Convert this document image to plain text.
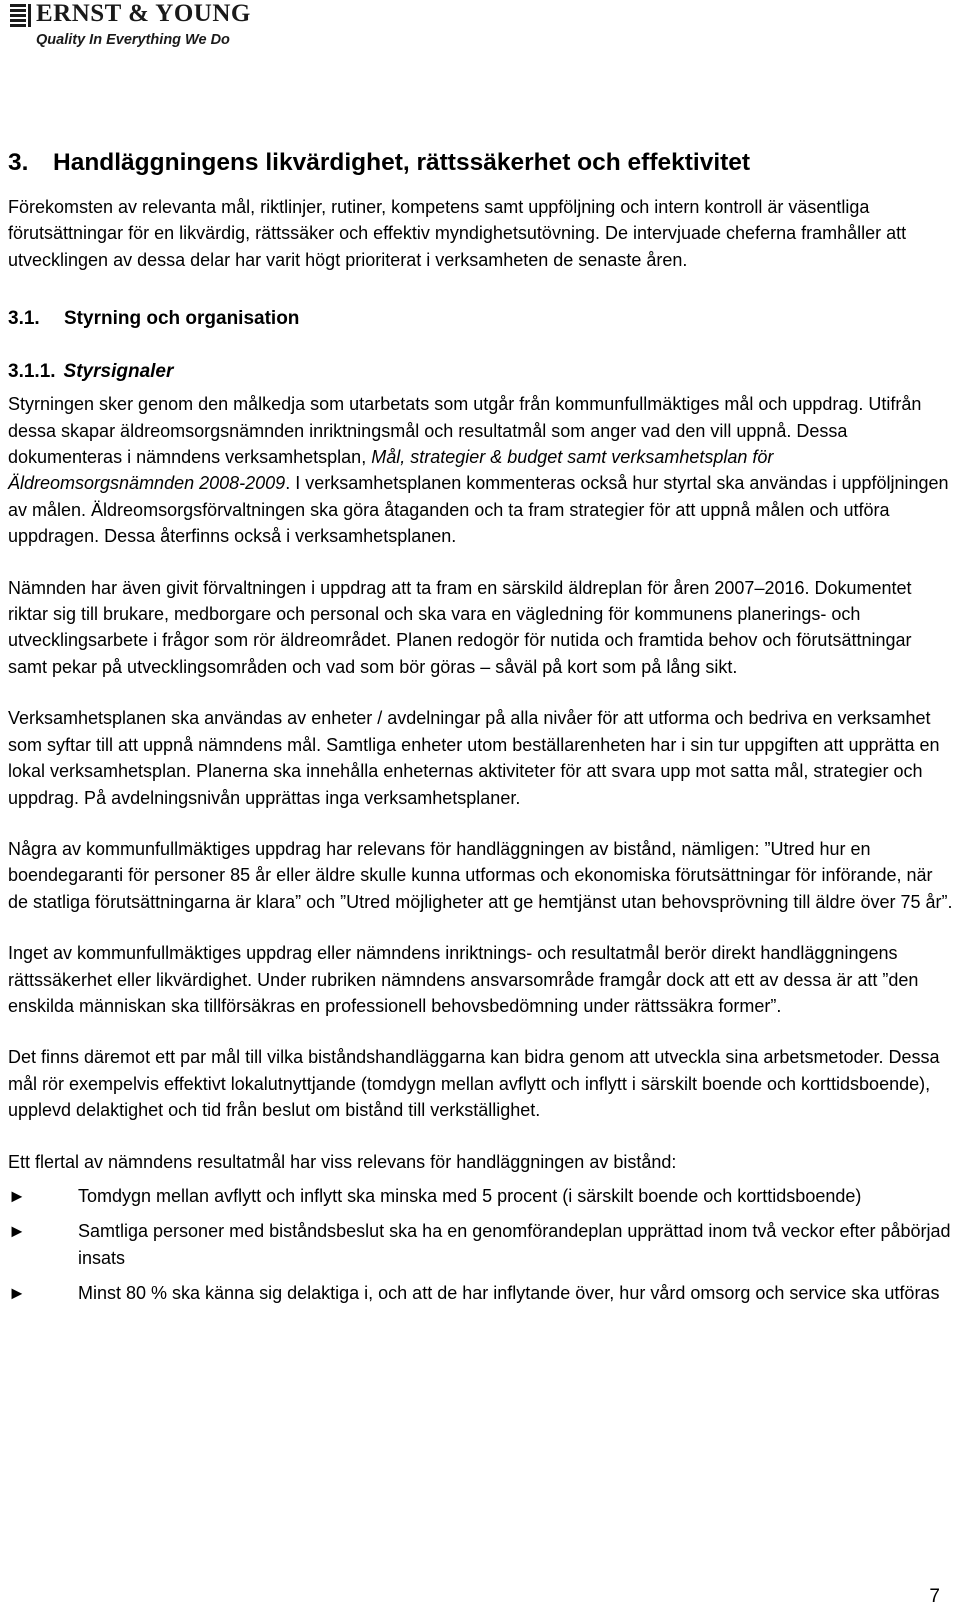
ERNST & YOUNG
Quality In Everything We Do
3.	Handläggningens likvärdighet, rättssäkerhet och effektivitet

Förekomsten av relevanta mål, riktlinjer, rutiner, kompetens samt uppföljning och intern kontroll är väsentliga förutsättningar för en likvärdig, rättssäker och effektiv myndighetsutövning. De intervjuade cheferna framhåller att utvecklingen av dessa delar har varit högt prioriterat i verksamheten de senaste åren.

3.1.	Styrning och organisation
3.1.1. Styrsignaler

Styrningen sker genom den målkedja som utarbetats som utgår från kommunfullmäktiges mål och uppdrag. Utifrån dessa skapar äldreomsorgsnämnden inriktningsmål och resultatmål som anger vad den vill uppnå. Dessa dokumenteras i nämndens verksamhetsplan, Mål, strategier & budget samt verksamhetsplan för Äldreomsorgsnämnden 2008-2009. I verksamhetsplanen kommenteras också hur styrtal ska användas i uppföljningen av målen. Äldreomsorgsförvaltningen ska göra åtaganden och ta fram strategier för att uppnå målen och utföra uppdragen. Dessa återfinns också i verksamhetsplanen.

Nämnden har även givit förvaltningen i uppdrag att ta fram en särskild äldreplan för åren 2007–2016. Dokumentet riktar sig till brukare, medborgare och personal och ska vara en vägledning för kommunens planerings- och utvecklingsarbete i frågor som rör äldreområdet. Planen redogör för nutida och framtida behov och förutsättningar samt pekar på utvecklingsområden och vad som bör göras – såväl på kort som på lång sikt.

Verksamhetsplanen ska användas av enheter / avdelningar på alla nivåer för att utforma och bedriva en verksamhet som syftar till att uppnå nämndens mål. Samtliga enheter utom beställarenheten har i sin tur uppgiften att upprätta en lokal verksamhetsplan. Planerna ska innehålla enheternas aktiviteter för att svara upp mot satta mål, strategier och uppdrag. På avdelningsnivån upprättas inga verksamhetsplaner.

Några av kommunfullmäktiges uppdrag har relevans för handläggningen av bistånd, nämligen: ”Utred hur en boendegaranti för personer 85 år eller äldre skulle kunna utformas och ekonomiska förutsättningar för införande, när de statliga förutsättningarna är klara” och ”Utred möjligheter att ge hemtjänst utan behovsprövning till äldre över 75 år”.

Inget av kommunfullmäktiges uppdrag eller nämndens inriktnings- och resultatmål berör direkt handläggningens rättssäkerhet eller likvärdighet. Under rubriken nämndens ansvarsområde framgår dock att ett av dessa är att ”den enskilda människan ska tillförsäkras en professionell behovsbedömning under rättssäkra former”.

Det finns däremot ett par mål till vilka biståndshandläggarna kan bidra genom att utveckla sina arbetsmetoder. Dessa mål rör exempelvis effektivt lokalutnyttjande (tomdygn mellan avflytt och inflytt i särskilt boende och korttidsboende), upplevd delaktighet och tid från beslut om bistånd till verkställighet.

Ett flertal av nämndens resultatmål har viss relevans för handläggningen av bistånd:

►	Tomdygn mellan avflytt och inflytt ska minska med 5 procent (i särskilt boende och korttidsboende)
►	Samtliga personer med biståndsbeslut ska ha en genomförandeplan upprättad inom två veckor efter påbörjad insats
►	Minst 80 % ska känna sig delaktiga i, och att de har inflytande över, hur vård omsorg och service ska utföras
7
